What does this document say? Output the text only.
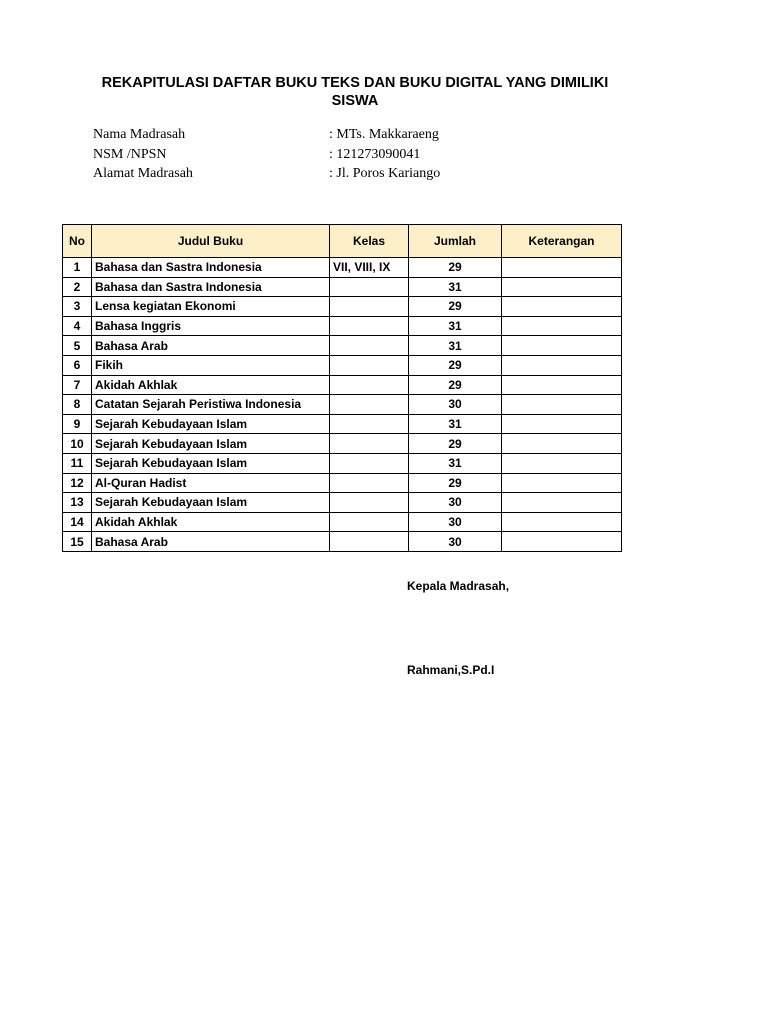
REKAPITULASI DAFTAR BUKU TEKS DAN BUKU DIGITAL YANG DIMILIKI
SISWA
Nama Madrasah	: MTs. Makkaraeng
NSM /NPSN	: 121273090041
Alamat Madrasah	: Jl. Poros Kariango
No	Judul Buku	Kelas	Jumlah	Keterangan
1	Bahasa dan Sastra Indonesia	VII, VIII, IX	29	
2	Bahasa dan Sastra Indonesia		31	
3	Lensa kegiatan Ekonomi		29	
4	Bahasa Inggris		31	
5	Bahasa Arab		31	
6	Fikih		29	
7	Akidah Akhlak		29	
8	Catatan Sejarah Peristiwa Indonesia		30	
9	Sejarah Kebudayaan Islam		31	
10	Sejarah Kebudayaan Islam		29	
11	Sejarah Kebudayaan Islam		31	
12	Al-Quran Hadist		29	
13	Sejarah Kebudayaan Islam		30	
14	Akidah Akhlak		30	
15	Bahasa Arab		30	
Kepala Madrasah,
Rahmani,S.Pd.I
